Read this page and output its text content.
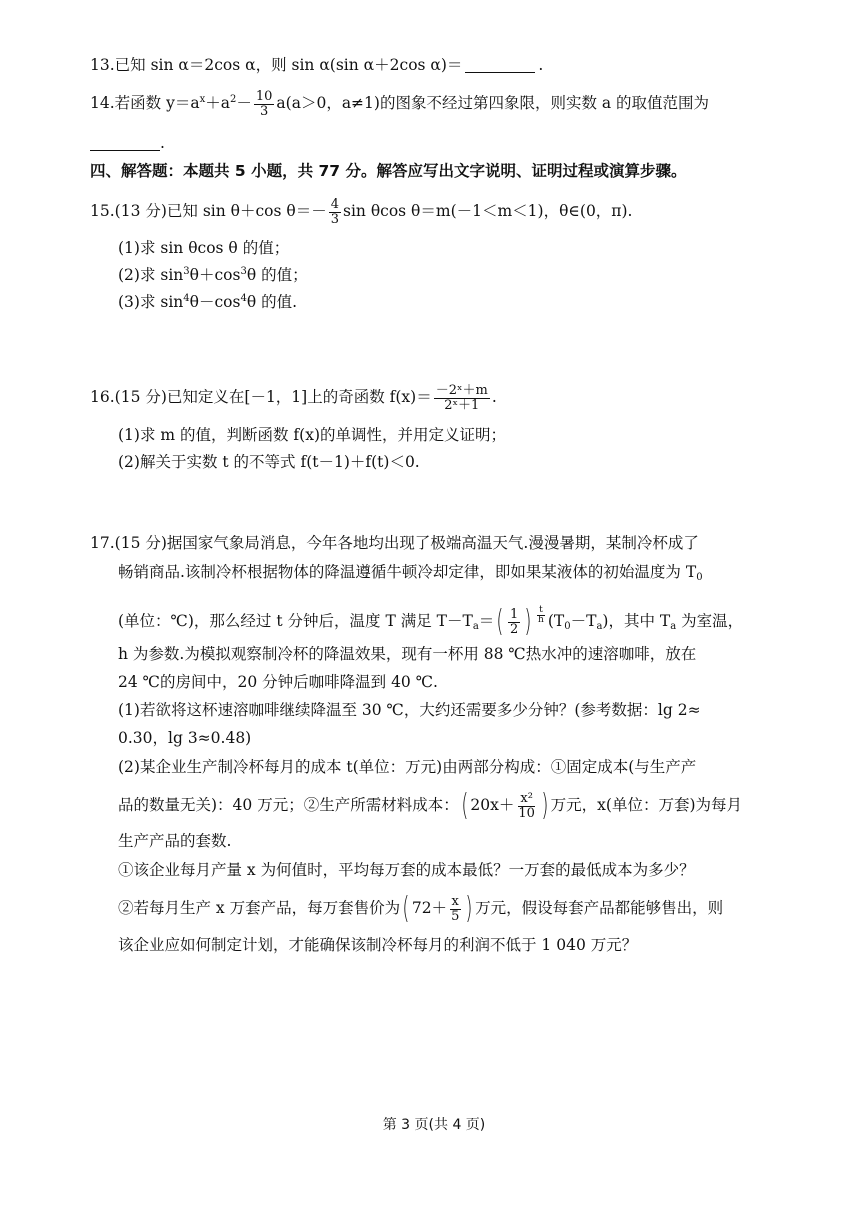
13.已知 sin α＝2cos α，则 sin α(sin α＋2cos α)＝	.
14.若函数 $y=a^x+a^2- \frac{10}{3} a(a>0$，a≠1)的图象不经过第四象限，则实数 a 的取值范围为
.
四、解答题：本题共 5 小题，共 77 分。解答应写出文字说明、证明过程或演算步骤。
15.(13 分)已知 sin θ＋cos $\theta=- \frac{4}{3}$ sin θcos θ＝m(－1＜m＜1)，θ∈(0，π).
(1)求 sin θcos θ 的值；
(2)求 $\sin^3\theta+\cos^3\theta$ 的值；
(3)求 $\sin^4\theta-\cos^4\theta$ 的值.
16.(15 分)已知定义在[－1，1]上的奇函数 $f(x)= \frac{\text{－2ˣ＋m}}{\text{2ˣ＋1}}$ .
(1)求 m 的值，判断函数 f(x)的单调性，并用定义证明；
(2)解关于实数 t 的不等式 f(t－1)＋f(t)＜0.
17.(15 分)据国家气象局消息，今年各地均出现了极端高温天气.漫漫暑期，某制冷杯成了
畅销商品.该制冷杯根据物体的降温遵循牛顿冷却定律，即如果某液体的初始温度为 $T_0$
(单位：℃)，那么经过 t 分钟后，温度 T 满足 $T-T_a=( \frac{1}{2}$ ) $\frac{t}{h} (T_0-T_a)$，其中 $T_a$ 为室温，
h 为参数.为模拟观察制冷杯的降温效果，现有一杯用 88 ℃热水冲的速溶咖啡，放在
24 ℃的房间中，20 分钟后咖啡降温到 40 ℃.
(1)若欲将这杯速溶咖啡继续降温至 30 ℃，大约还需要多少分钟？(参考数据：lg 2≈
0.30，lg 3≈0.48)
(2)某企业生产制冷杯每月的成本 t(单位：万元)由两部分构成：①固定成本(与生产产
品的数量无关)：40 万元；②生产所需材料成本：( $20x+ \frac{\text{x²}}{10}$ ) 万元，x(单位：万套)为每月
生产产品的套数.
①该企业每月产量 x 为何值时，平均每万套的成本最低？一万套的最低成本为多少？
②若每月生产 x 万套产品，每万套售价为( $72+ \frac{x}{5}$ ) 万元，假设每套产品都能够售出，则
该企业应如何制定计划，才能确保该制冷杯每月的利润不低于 1 040 万元？
第 3 页(共 4 页)
